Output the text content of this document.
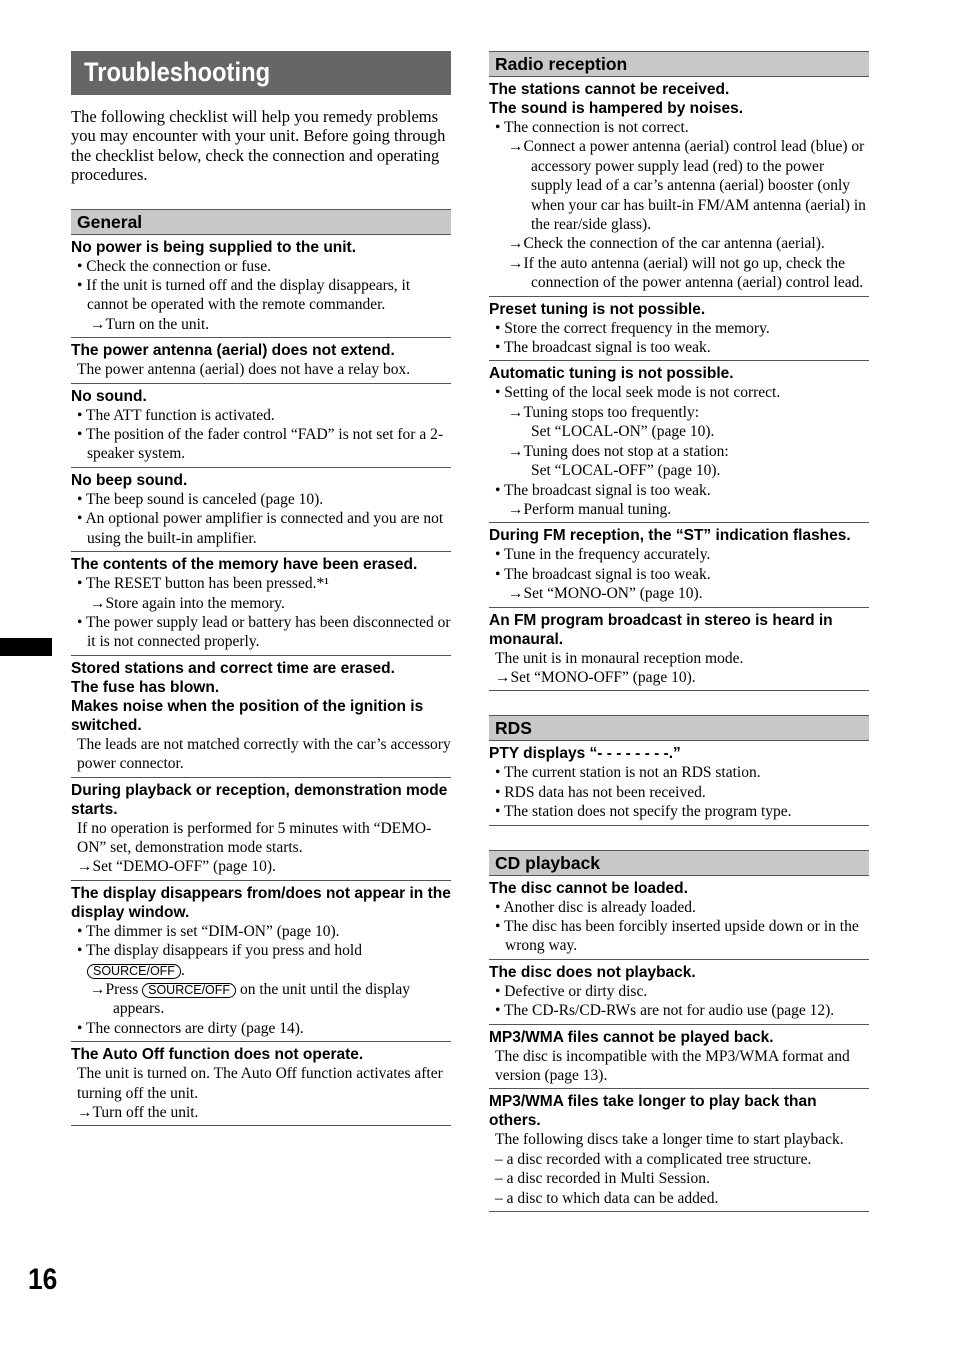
Troubleshooting
The following checklist will help you remedy problems you may encounter with your unit. Before going through the checklist below, check the connection and operating procedures.
General
No power is being supplied to the unit.
• Check the connection or fuse.
• If the unit is turned off and the display disappears, it cannot be operated with the remote commander.
→Turn on the unit.
The power antenna (aerial) does not extend.
The power antenna (aerial) does not have a relay box.
No sound.
• The ATT function is activated.
• The position of the fader control “FAD” is not set for a 2-speaker system.
No beep sound.
• The beep sound is canceled (page 10).
• An optional power amplifier is connected and you are not using the built-in amplifier.
The contents of the memory have been erased.
• The RESET button has been pressed.*¹
→Store again into the memory.
• The power supply lead or battery has been disconnected or it is not connected properly.
Stored stations and correct time are erased.
The fuse has blown.
Makes noise when the position of the ignition is switched.
The leads are not matched correctly with the car’s accessory power connector.
During playback or reception, demonstration mode starts.
If no operation is performed for 5 minutes with “DEMO-ON” set, demonstration mode starts.
→Set “DEMO-OFF” (page 10).
The display disappears from/does not appear in the display window.
• The dimmer is set “DIM-ON” (page 10).
• The display disappears if you press and hold SOURCE/OFF .
→Press SOURCE/OFF on the unit until the display appears.
• The connectors are dirty (page 14).
The Auto Off function does not operate.
The unit is turned on. The Auto Off function activates after turning off the unit.
→Turn off the unit.
Radio reception
The stations cannot be received.
The sound is hampered by noises.
• The connection is not correct.
→Connect a power antenna (aerial) control lead (blue) or accessory power supply lead (red) to the power supply lead of a car’s antenna (aerial) booster (only when your car has built-in FM/AM antenna (aerial) in the rear/side glass).
→Check the connection of the car antenna (aerial).
→If the auto antenna (aerial) will not go up, check the connection of the power antenna (aerial) control lead.
Preset tuning is not possible.
• Store the correct frequency in the memory.
• The broadcast signal is too weak.
Automatic tuning is not possible.
• Setting of the local seek mode is not correct.
→Tuning stops too frequently:
Set “LOCAL-ON” (page 10).
→Tuning does not stop at a station:
Set “LOCAL-OFF” (page 10).
• The broadcast signal is too weak.
→Perform manual tuning.
During FM reception, the “ST” indication flashes.
• Tune in the frequency accurately.
• The broadcast signal is too weak.
→Set “MONO-ON” (page 10).
An FM program broadcast in stereo is heard in monaural.
The unit is in monaural reception mode.
→Set “MONO-OFF” (page 10).
RDS
PTY displays “- - - - - - - -.”
• The current station is not an RDS station.
• RDS data has not been received.
• The station does not specify the program type.
CD playback
The disc cannot be loaded.
• Another disc is already loaded.
• The disc has been forcibly inserted upside down or in the wrong way.
The disc does not playback.
• Defective or dirty disc.
• The CD-Rs/CD-RWs are not for audio use (page 12).
MP3/WMA files cannot be played back.
The disc is incompatible with the MP3/WMA format and version (page 13).
MP3/WMA files take longer to play back than others.
The following discs take a longer time to start playback.
– a disc recorded with a complicated tree structure.
– a disc recorded in Multi Session.
– a disc to which data can be added.
16
